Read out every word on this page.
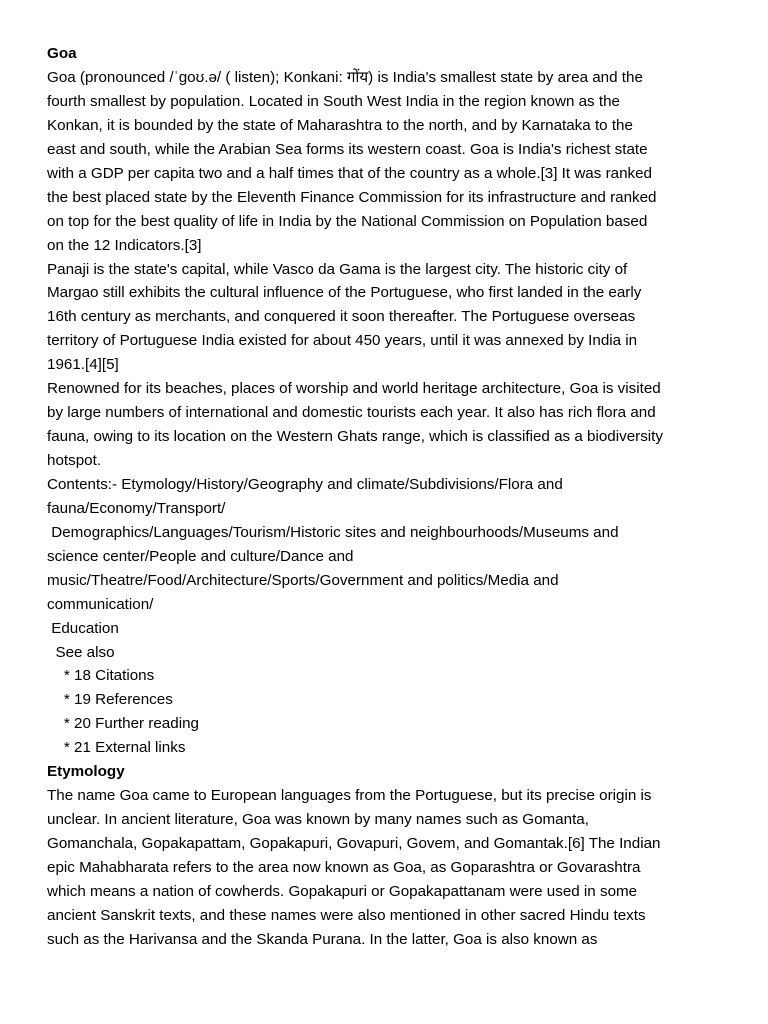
Goa
Goa (pronounced /ˈɡoʊ.ə/ ( listen); Konkani: गोंय) is India's smallest state by area and the
fourth smallest by population. Located in South West India in the region known as the
Konkan, it is bounded by the state of Maharashtra to the north, and by Karnataka to the
east and south, while the Arabian Sea forms its western coast. Goa is India's richest state
with a GDP per capita two and a half times that of the country as a whole.[3] It was ranked
the best placed state by the Eleventh Finance Commission for its infrastructure and ranked
on top for the best quality of life in India by the National Commission on Population based
on the 12 Indicators.[3]
Panaji is the state's capital, while Vasco da Gama is the largest city. The historic city of
Margao still exhibits the cultural influence of the Portuguese, who first landed in the early
16th century as merchants, and conquered it soon thereafter. The Portuguese overseas
territory of Portuguese India existed for about 450 years, until it was annexed by India in
1961.[4][5]
Renowned for its beaches, places of worship and world heritage architecture, Goa is visited
by large numbers of international and domestic tourists each year. It also has rich flora and
fauna, owing to its location on the Western Ghats range, which is classified as a biodiversity
hotspot.
Contents:- Etymology/History/Geography and climate/Subdivisions/Flora and
fauna/Economy/Transport/
Demographics/Languages/Tourism/Historic sites and neighbourhoods/Museums and
science center/People and culture/Dance and
music/Theatre/Food/Architecture/Sports/Government and politics/Media and
communication/
Education
See also
* 18 Citations
* 19 References
* 20 Further reading
* 21 External links
Etymology
The name Goa came to European languages from the Portuguese, but its precise origin is
unclear. In ancient literature, Goa was known by many names such as Gomanta,
Gomanchala, Gopakapattam, Gopakapuri, Govapuri, Govem, and Gomantak.[6] The Indian
epic Mahabharata refers to the area now known as Goa, as Goparashtra or Govarashtra
which means a nation of cowherds. Gopakapuri or Gopakapattanam were used in some
ancient Sanskrit texts, and these names were also mentioned in other sacred Hindu texts
such as the Harivansa and the Skanda Purana. In the latter, Goa is also known as
